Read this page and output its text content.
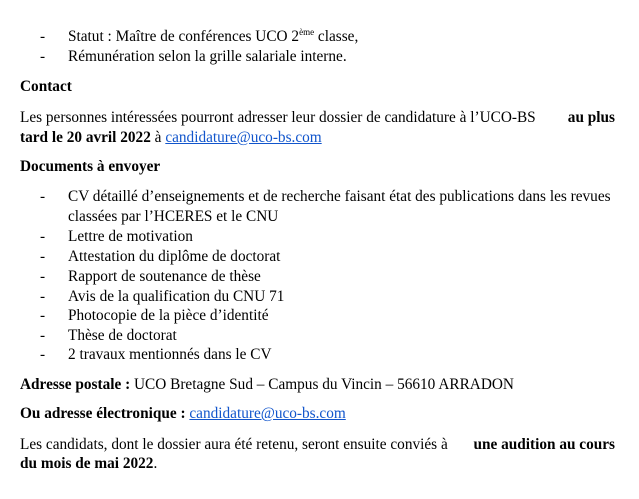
- Statut : Maître de conférences UCO 2ème classe,
- Rémunération selon la grille salariale interne.
Contact
Les personnes intéressées pourront adresser leur dossier de candidature à l’UCO-BS au plus
tard le 20 avril 2022 à candidature@uco-bs.com
Documents à envoyer
- CV détaillé d’enseignements et de recherche faisant état des publications dans les revues
classées par l’HCERES et le CNU
- Lettre de motivation
- Attestation du diplôme de doctorat
- Rapport de soutenance de thèse
- Avis de la qualification du CNU 71
- Photocopie de la pièce d’identité
- Thèse de doctorat
- 2 travaux mentionnés dans le CV
Adresse postale : UCO Bretagne Sud – Campus du Vincin – 56610 ARRADON
Ou adresse électronique : candidature@uco-bs.com
Les candidats, dont le dossier aura été retenu, seront ensuite conviés à une audition au cours
du mois de mai 2022.
